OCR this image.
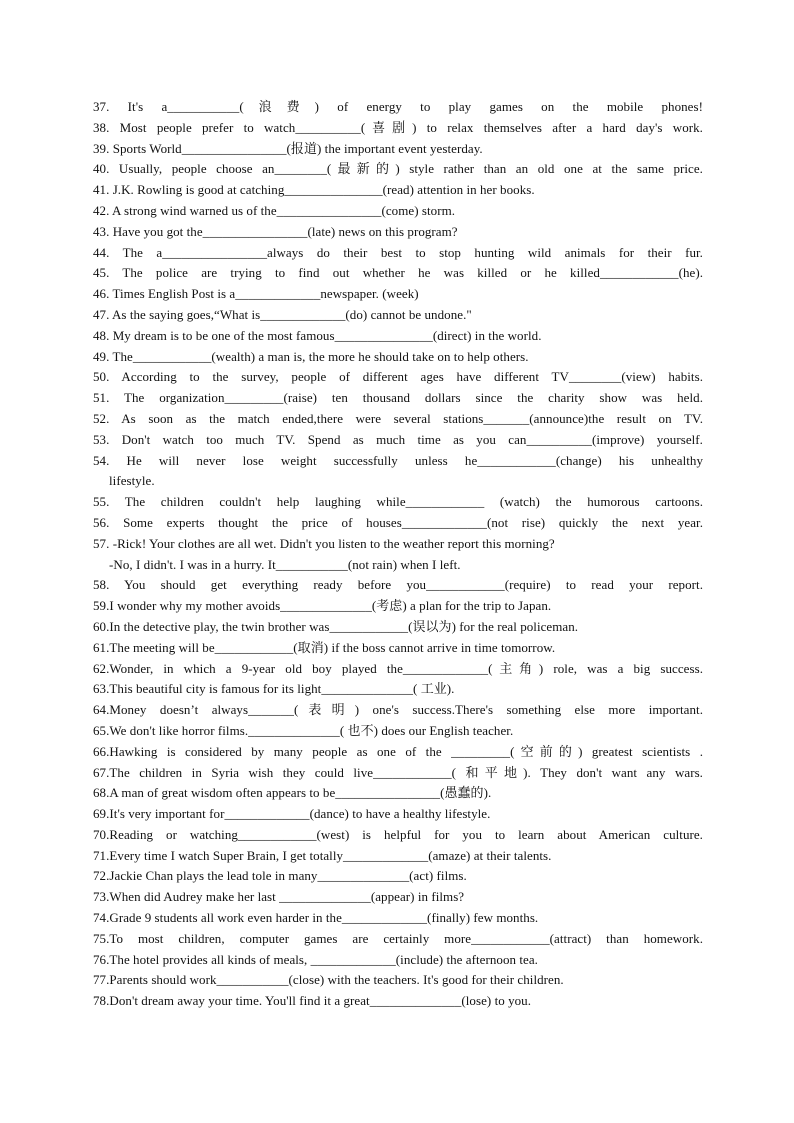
37. It's a___________(浪费) of energy to play games on the mobile phones!
38. Most people prefer to watch__________(喜剧) to relax themselves after a hard day's work.
39. Sports World________________(报道) the important event yesterday.
40. Usually, people choose an________(最新的) style rather than an old one at the same price.
41. J.K. Rowling is good at catching_______________(read) attention in her books.
42. A strong wind warned us of the________________(come) storm.
43. Have you got the________________(late) news on this program?
44. The a________________always do their best to stop hunting wild animals for their fur.
45. The police are trying to find out whether he was killed or he killed____________(he).
46. Times English Post is a_____________newspaper. (week)
47. As the saying goes,“What is_____________(do) cannot be undone."
48. My dream is to be one of the most famous_______________(direct) in the world.
49. The____________(wealth) a man is, the more he should take on to help others.
50. According to the survey, people of different ages have different TV________(view) habits.
51. The organization_________(raise) ten thousand dollars since the charity show was held.
52. As soon as the match ended,there were several stations_______(announce)the result on TV.
53. Don't watch too much TV. Spend as much time as you can__________(improve) yourself.
54. He will never lose weight successfully unless he____________(change) his unhealthy
lifestyle.
55. The children couldn't help laughing while____________ (watch) the humorous cartoons.
56. Some experts thought the price of houses_____________(not rise) quickly the next year.
57. -Rick! Your clothes are all wet. Didn't you listen to the weather report this morning?
-No, I didn't. I was in a hurry. It___________(not rain) when I left.
58. You should get everything ready before you____________(require) to read your report.
59.I wonder why my mother avoids______________(考虑) a plan for the trip to Japan.
60.In the detective play, the twin brother was____________(误以为) for the real policeman.
61.The meeting will be____________(取消) if the boss cannot arrive in time tomorrow.
62.Wonder, in which a 9-year old boy played the_____________(主角) role, was a big success.
63.This beautiful city is famous for its light______________( 工业).
64.Money doesn’t always_______(表明) one's success.There's something else more important.
65.We don't like horror films.______________( 也不) does our English teacher.
66.Hawking is considered by many people as one of the _________(空前的) greatest scientists .
67.The children in Syria wish they could live____________( 和平地). They don't want any wars.
68.A man of great wisdom often appears to be________________(愚蠢的).
69.It's very important for_____________(dance) to have a healthy lifestyle.
70.Reading or watching____________(west) is helpful for you to learn about American culture.
71.Every time I watch Super Brain, I get totally_____________(amaze) at their talents.
72.Jackie Chan plays the lead tole in many______________(act) films.
73.When did Audrey make her last ______________(appear) in films?
74.Grade 9 students all work even harder in the_____________(finally) few months.
75.To most children, computer games are certainly more____________(attract) than homework.
76.The hotel provides all kinds of meals, _____________(include) the afternoon tea.
77.Parents should work___________(close) with the teachers. It's good for their children.
78.Don't dream away your time. You'll find it a great______________(lose) to you.
